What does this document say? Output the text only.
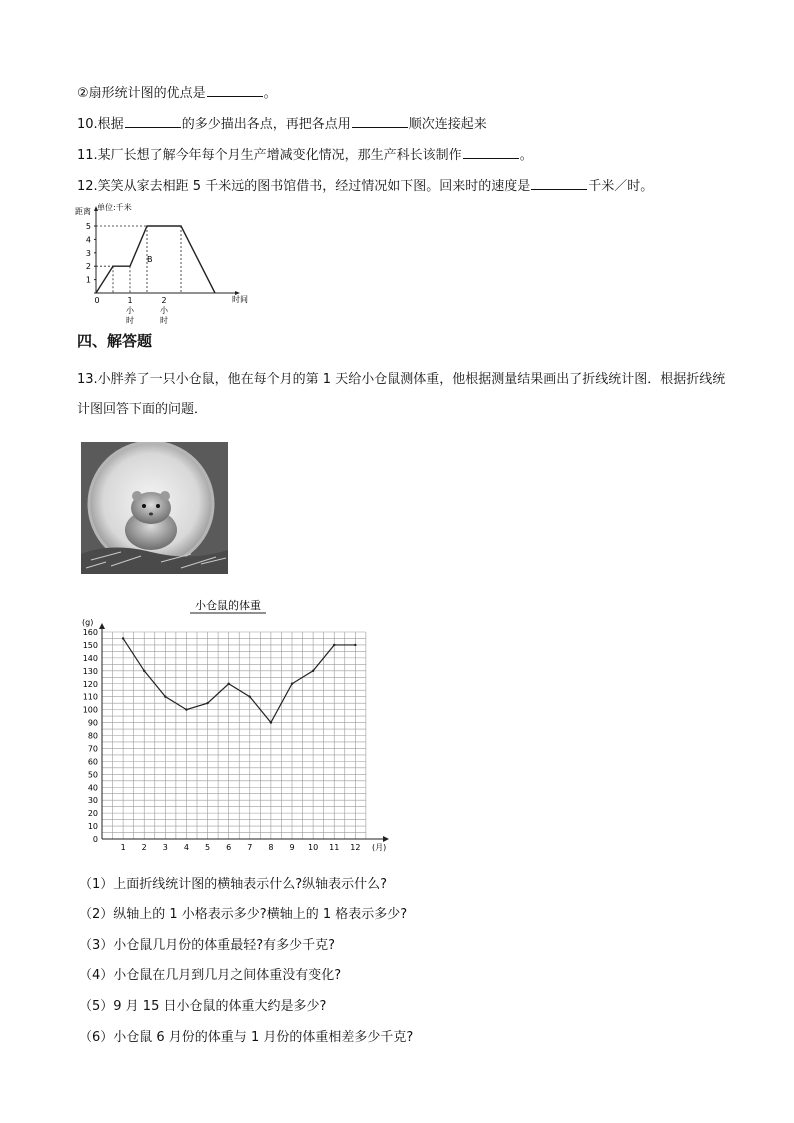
②扇形统计图的优点是	。
10.根据	的多少描出各点，再把各点用	顺次连接起来
11.某厂长想了解今年每个月生产增减变化情况，那生产科长该制作	。
12.笑笑从家去相距 5 千米远的图书馆借书，经过情况如下图。回来时的速度是	千米／时。
距离 单位:千米
时间
B
1
2
3
4
5
0	1	2
小时
小时
四、解答题
13.小胖养了一只小仓鼠，他在每个月的第 1 天给小仓鼠测体重，他根据测量结果画出了折线统计图．根据折线统计图回答下面的问题．
小仓鼠的体重
(g)
(月)
0
10
20
30
40
50
60
70
80
90
100
110
120
130
140
150
160
1 2 3 4 5 6 7 8 9 10 11 12
（1）上面折线统计图的横轴表示什么?纵轴表示什么?
（2）纵轴上的 1 小格表示多少?横轴上的 1 格表示多少?
（3）小仓鼠几月份的体重最轻?有多少千克?
（4）小仓鼠在几月到几月之间体重没有变化?
（5）9 月 15 日小仓鼠的体重大约是多少?
（6）小仓鼠 6 月份的体重与 1 月份的体重相差多少千克?
